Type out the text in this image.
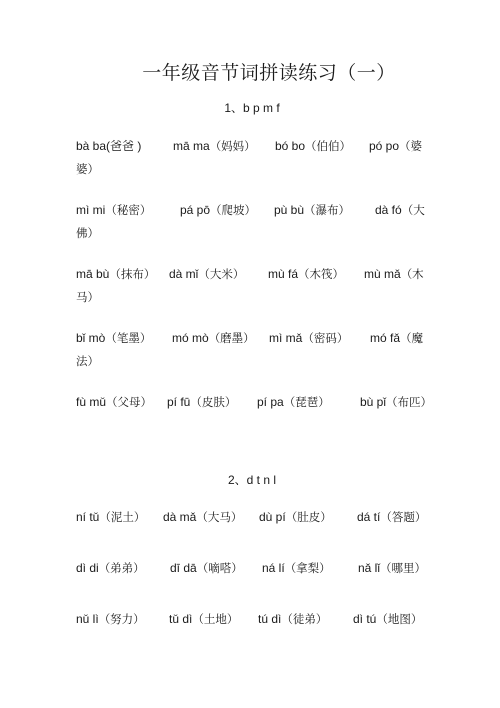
一年级音节词拼读练习（一）
1、b p m f
bà ba(爸爸 )	mā ma（妈妈） bó bo（伯伯） pó po（婆
婆）
mì mi（秘密） pá pō（爬坡） pù bù（瀑布） dà fó（大
佛）
mā bù（抹布） dà mǐ（大米） mù fá（木筏） mù mǎ（木
马）
bǐ mò（笔墨） mó mò（磨墨） mì mǎ（密码） mó fǎ（魔
法）
fù mǔ（父母） pí fū（皮肤） pí pa（琵琶）	bù pǐ（布匹）
2、d t n l
ní tǔ（泥土） dà mǎ（大马） dù pí（肚皮） dá tí（答题）
dì di（弟弟） dī dā（嘀嗒） ná lí（拿梨） nǎ lǐ（哪里）
nǔ lì（努力） tǔ dì（土地） tú dì（徒弟） dì tú（地图）
